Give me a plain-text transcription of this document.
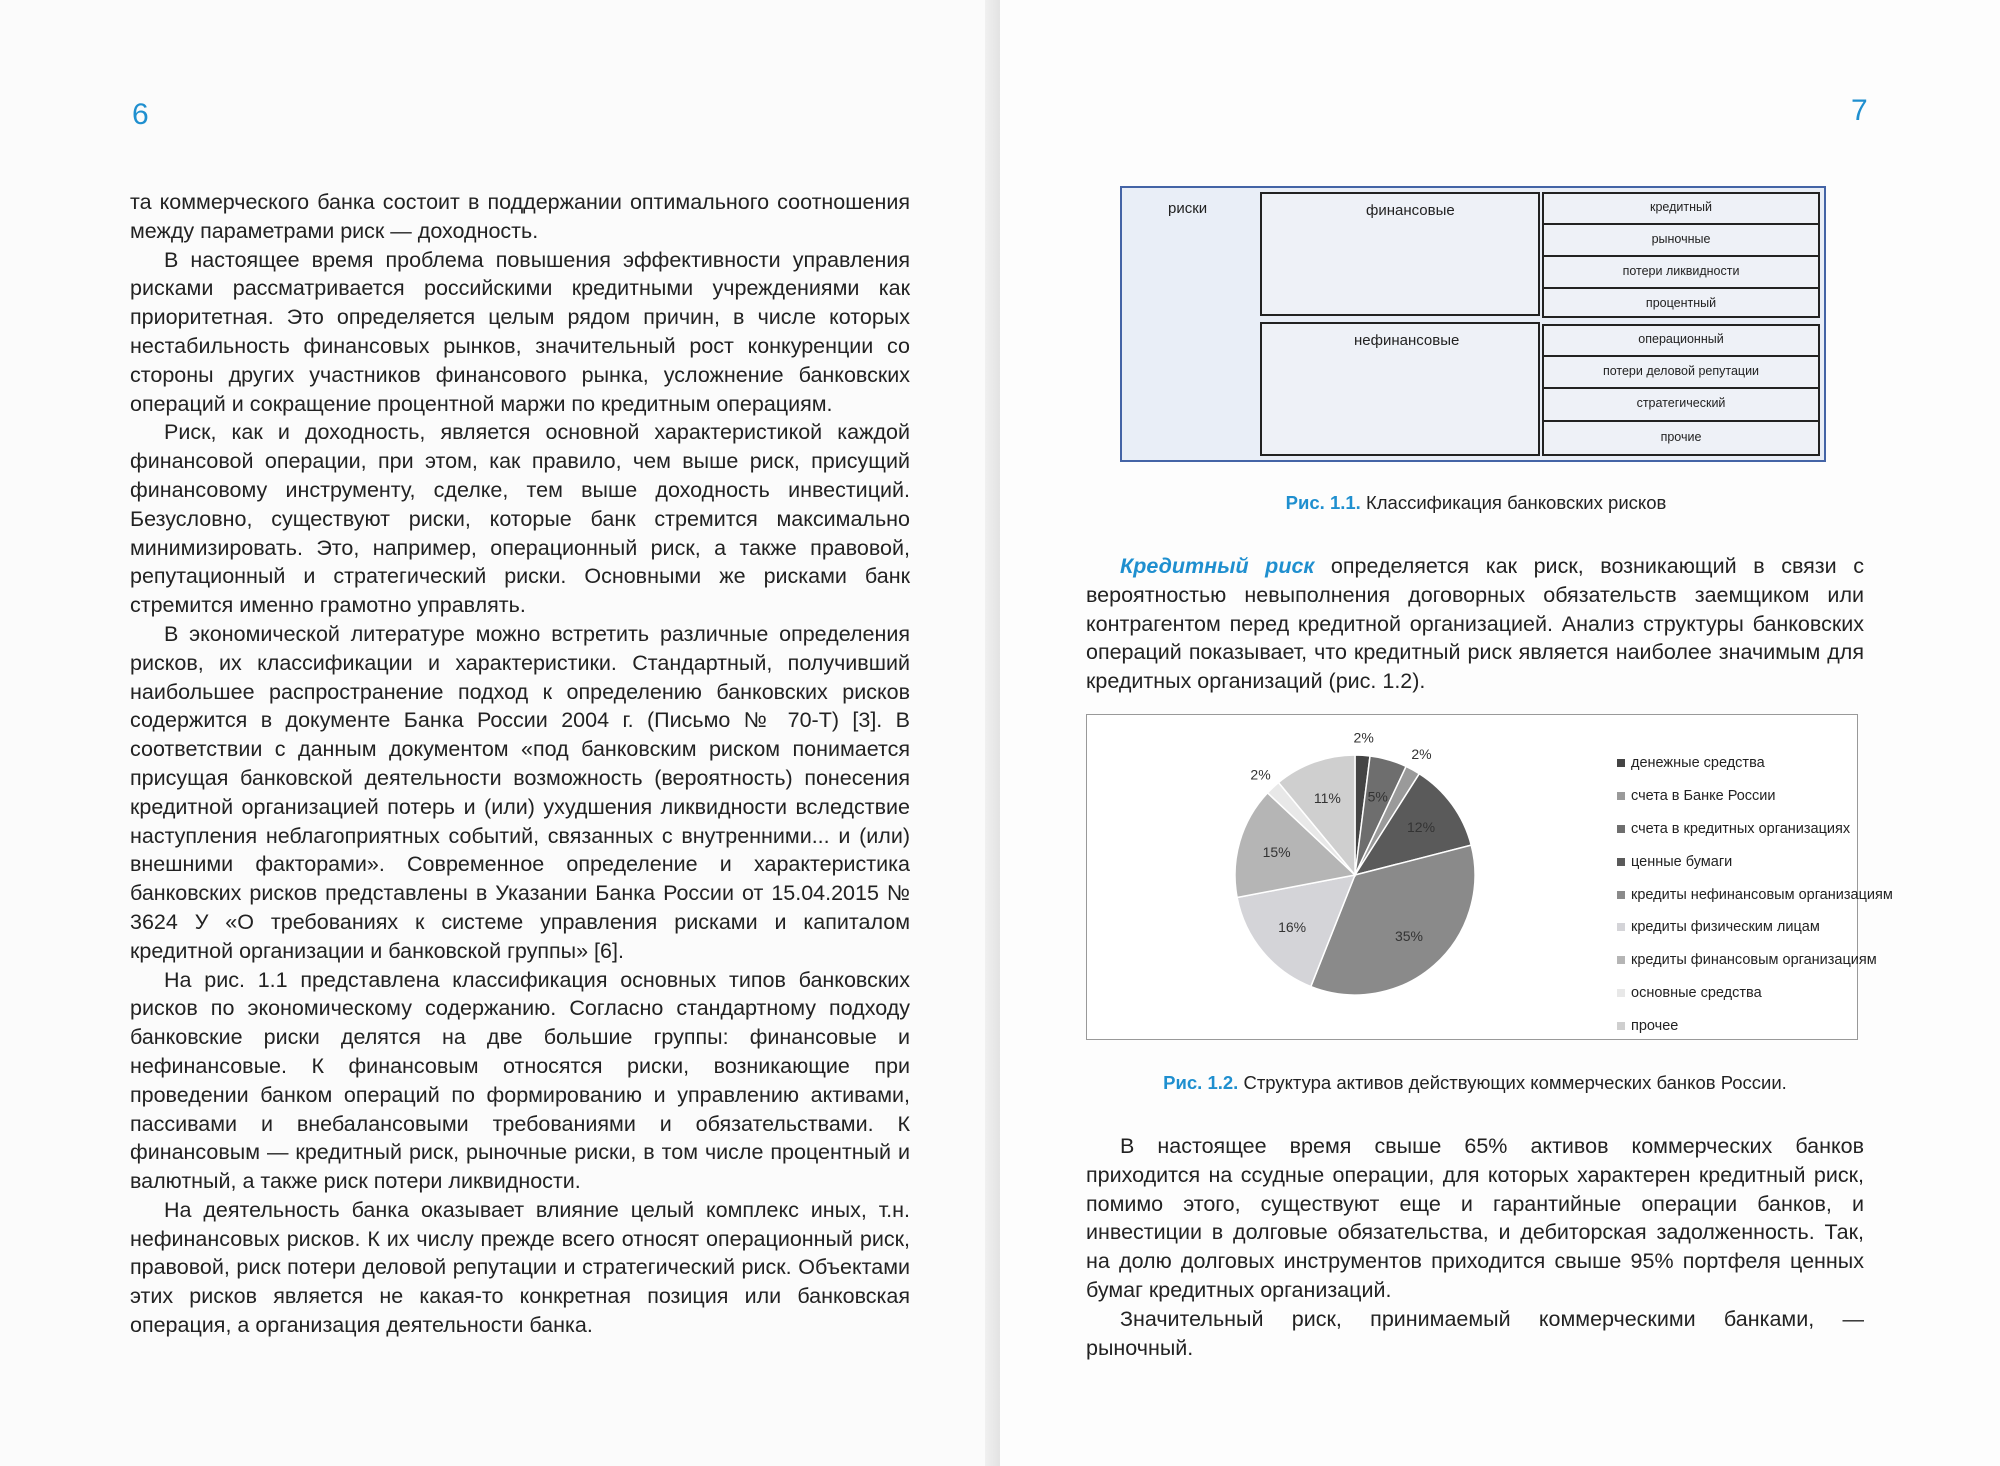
6

та коммерческого банка состоит в поддержании оптимального соотношения между параметрами риск — доходность.

В настоящее время проблема повышения эффективности управления рисками рассматривается российскими кредитными учреждениями как приоритетная. Это определяется целым рядом причин, в числе которых нестабильность финансовых рынков, значительный рост конкуренции со стороны других участников финансового рынка, усложнение банковских операций и сокращение процентной маржи по кредитным операциям.

Риск, как и доходность, является основной характеристикой каждой финансовой операции, при этом, как правило, чем выше риск, присущий финансовому инструменту, сделке, тем выше доходность инвестиций. Безусловно, существуют риски, которые банк стремится максимально минимизировать. Это, например, операционный риск, а также правовой, репутационный и стратегический риски. Основными же рисками банк стремится именно грамотно управлять.

В экономической литературе можно встретить различные определения рисков, их классификации и характеристики. Стандартный, получивший наибольшее распространение подход к определению банковских рисков содержится в документе Банка России 2004 г. (Письмо № 70-Т) [3]. В соответствии с данным документом «под банковским риском понимается присущая банковской деятельности возможность (вероятность) понесения кредитной организацией потерь и (или) ухудшения ликвидности вследствие наступления неблагоприятных событий, связанных с внутренними... и (или) внешними факторами». Современное определение и характеристика банковских рисков представлены в Указании Банка России от 15.04.2015 № 3624 У «О требованиях к системе управления рисками и капиталом кредитной организации и банковской группы» [6].

На рис. 1.1 представлена классификация основных типов банковских рисков по экономическому содержанию. Согласно стандартному подходу банковские риски делятся на две большие группы: финансовые и нефинансовые. К финансовым относятся риски, возникающие при проведении банком операций по формированию и управлению активами, пассивами и внебалансовыми требованиями и обязательствами. К финансовым — кредитный риск, рыночные риски, в том числе процентный и валютный, а также риск потери ликвидности.

На деятельность банка оказывает влияние целый комплекс иных, т.н. нефинансовых рисков. К их числу прежде всего относят операционный риск, правовой, риск потери деловой репутации и стратегический риск. Объектами этих рисков является не какая-то конкретная позиция или банковская операция, а организация деятельности банка.

7
риски	финансовые	кредитный
рыночные
потери ликвидности
процентный
нефинансовые	операционный
потери деловой репутации
стратегический
прочие
Рис. 1.1. Классификация банковских рисков

Кредитный риск определяется как риск, возникающий в связи с вероятностью невыполнения договорных обязательств заемщиком или контрагентом перед кредитной организацией. Анализ структуры банковских операций показывает, что кредитный риск является наиболее значимым для кредитных организаций (рис. 1.2).

2%
5%
2%
12%
35%
16%
15%
2%
11%
денежные средства
счета в Банке России
счета в кредитных организациях
ценные бумаги
кредиты нефинансовым организациям
кредиты физическим лицам
кредиты финансовым организациям
основные средства
прочее
Рис. 1.2. Структура активов действующих коммерческих банков России.

В настоящее время свыше 65% активов коммерческих банков приходится на ссудные операции, для которых характерен кредитный риск, помимо этого, существуют еще и гарантийные операции банков, и инвестиции в долговые обязательства, и дебиторская задолженность. Так, на долю долговых инструментов приходится свыше 95% портфеля ценных бумаг кредитных организаций.

Значительный риск, принимаемый коммерческими банками, — рыночный.
